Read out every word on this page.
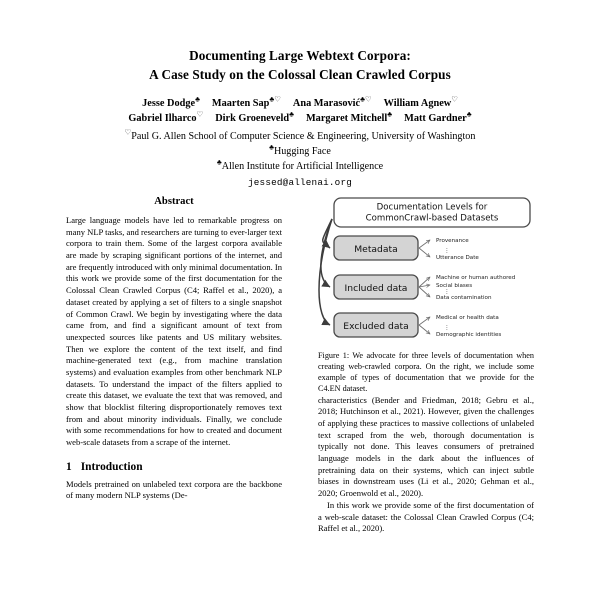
Documenting Large Webtext Corpora:
A Case Study on the Colossal Clean Crawled Corpus
Jesse Dodge♣ Maarten Sap♣♡ Ana Marasović♣♡ William Agnew♡
Gabriel Ilharco♡ Dirk Groeneveld♣ Margaret Mitchell♣ Matt Gardner♣
♡Paul G. Allen School of Computer Science & Engineering, University of Washington
♣Hugging Face
♣Allen Institute for Artificial Intelligence
jessed@allenai.org
Abstract

Large language models have led to remarkable progress on many NLP tasks, and researchers are turning to ever-larger text corpora to train them. Some of the largest corpora available are made by scraping significant portions of the internet, and are frequently introduced with only minimal documentation. In this work we provide some of the first documentation for the Colossal Clean Crawled Corpus (C4; Raffel et al., 2020), a dataset created by applying a set of filters to a single snapshot of Common Crawl. We begin by investigating where the data came from, and find a significant amount of text from unexpected sources like patents and US military websites. Then we explore the content of the text itself, and find machine-generated text (e.g., from machine translation systems) and evaluation examples from other benchmark NLP datasets. To understand the impact of the filters applied to create this dataset, we evaluate the text that was removed, and show that blocklist filtering disproportionately removes text from and about minority individuals. Finally, we conclude with some recommendations for how to created and document web-scale datasets from a scrape of the internet.

1 Introduction

Models pretrained on unlabeled text corpora are the backbone of many modern NLP systems (De-

Documentation Levels for
CommonCrawl-based Datasets
Metadata
Provenance
Utterance Date
⋮
Included data
Machine or human authored
Social biases
Data contamination
⋮
Excluded data
Medical or health data
Demographic identities
⋮
Figure 1: We advocate for three levels of documentation when creating web-crawled corpora. On the right, we include some example of types of documentation that we provide for the C4.EN dataset.

characteristics (Bender and Friedman, 2018; Gebru et al., 2018; Hutchinson et al., 2021). However, given the challenges of applying these practices to massive collections of unlabeled text scraped from the web, thorough documentation is typically not done. This leaves consumers of pretrained language models in the dark about the influences of pretraining data on their systems, which can inject subtle biases in downstream uses (Li et al., 2020; Gehman et al., 2020; Groenwold et al., 2020).

In this work we provide some of the first documentation of a web-scale dataset: the Colossal Clean Crawled Corpus (C4; Raffel et al., 2020).
